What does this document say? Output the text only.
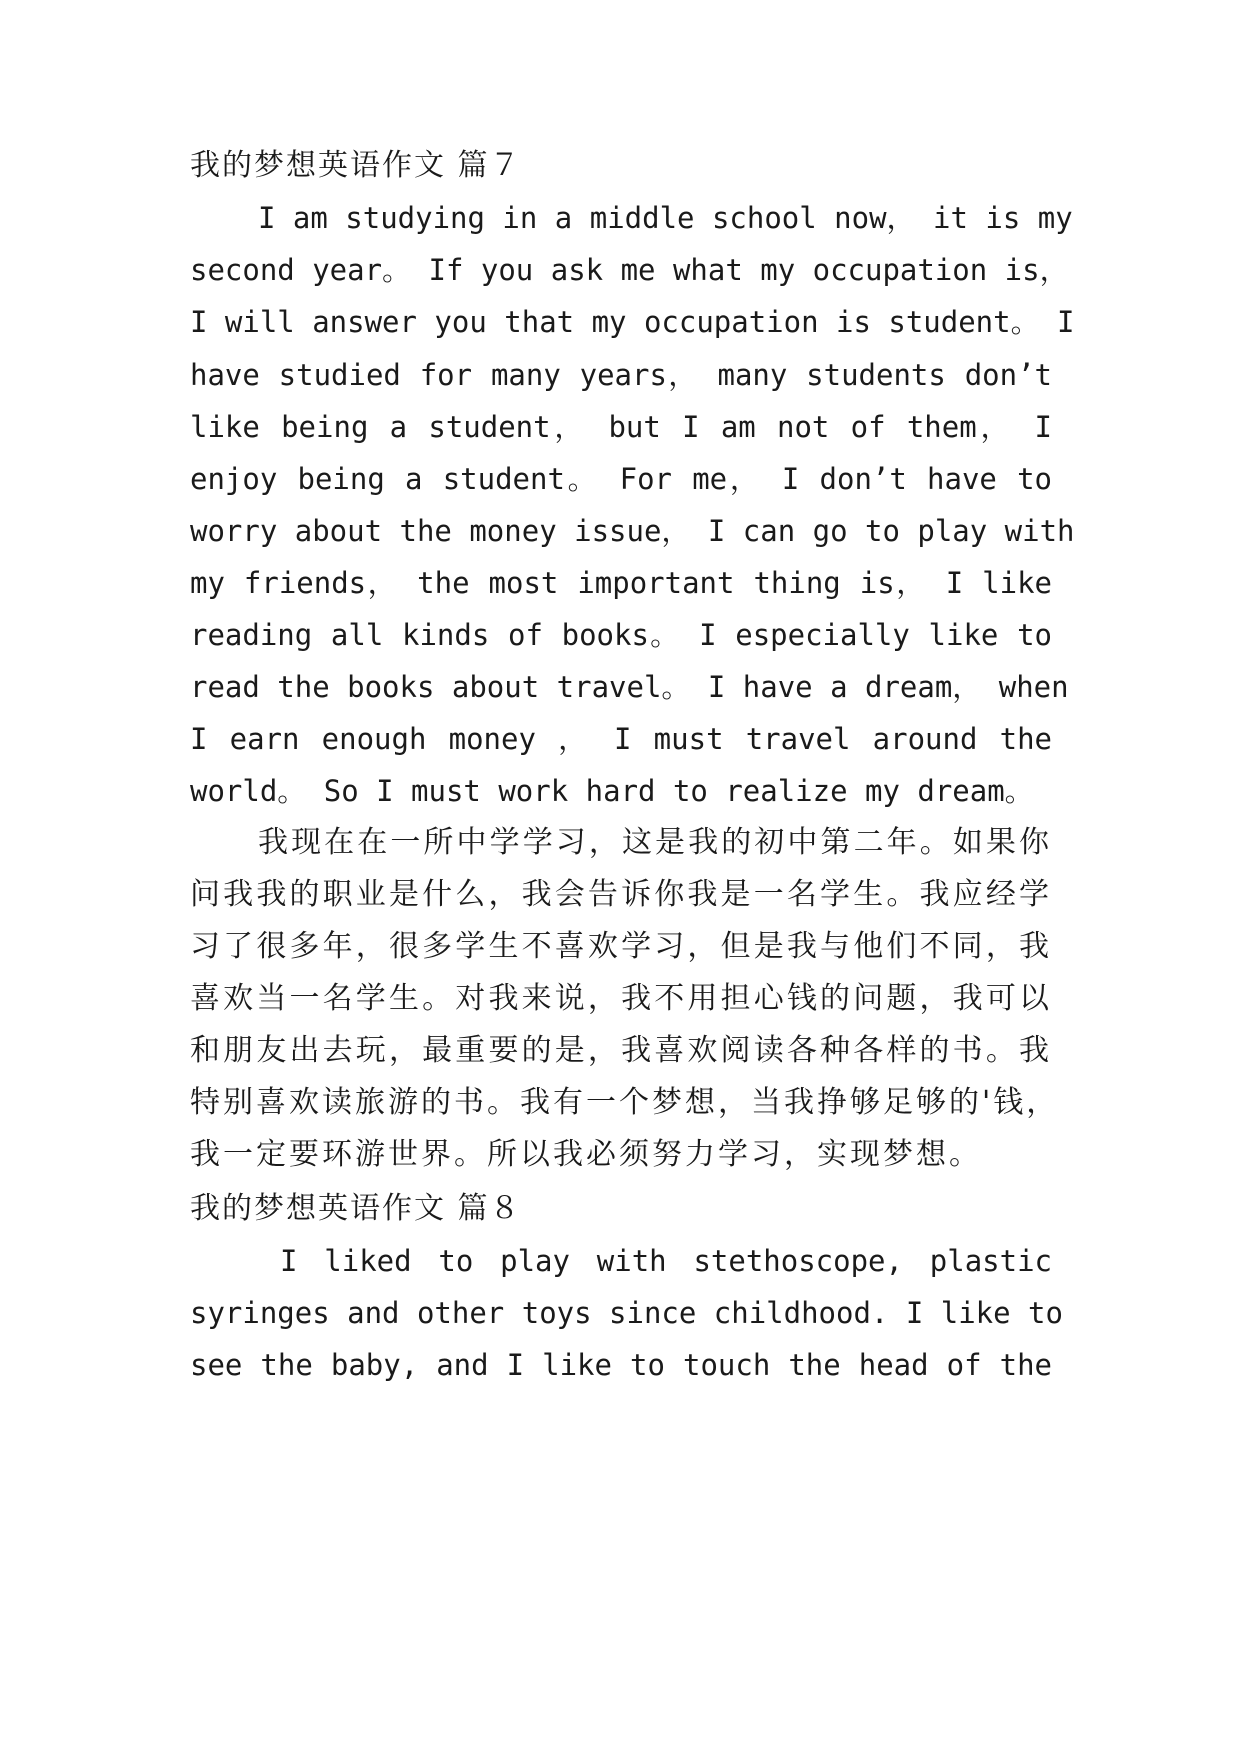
我的梦想英语作文 篇７
I am studying in a middle school now， it is my
second year。 If you ask me what my occupation is，
I will answer you that my occupation is student。 I
have studied for many years， many students don’t
like being a student， but I am not of them， I
enjoy being a student。 For me， I don’t have to
worry about the money issue， I can go to play with
my friends， the most important thing is， I like
reading all kinds of books。 I especially like to
read the books about travel。 I have a dream， when
I earn enough money ， I must travel around the
world。 So I must work hard to realize my dream。
我现在在一所中学学习，这是我的初中第二年。如果你
问我我的职业是什么，我会告诉你我是一名学生。我应经学
习了很多年，很多学生不喜欢学习，但是我与他们不同，我
喜欢当一名学生。对我来说，我不用担心钱的问题，我可以
和朋友出去玩，最重要的是，我喜欢阅读各种各样的书。我
特别喜欢读旅游的书。我有一个梦想，当我挣够足够的'钱，
我一定要环游世界。所以我必须努力学习，实现梦想。
我的梦想英语作文 篇８
I liked to play with stethoscope, plastic
syringes and other toys since childhood. I like to
see the baby, and I like to touch the head of the
